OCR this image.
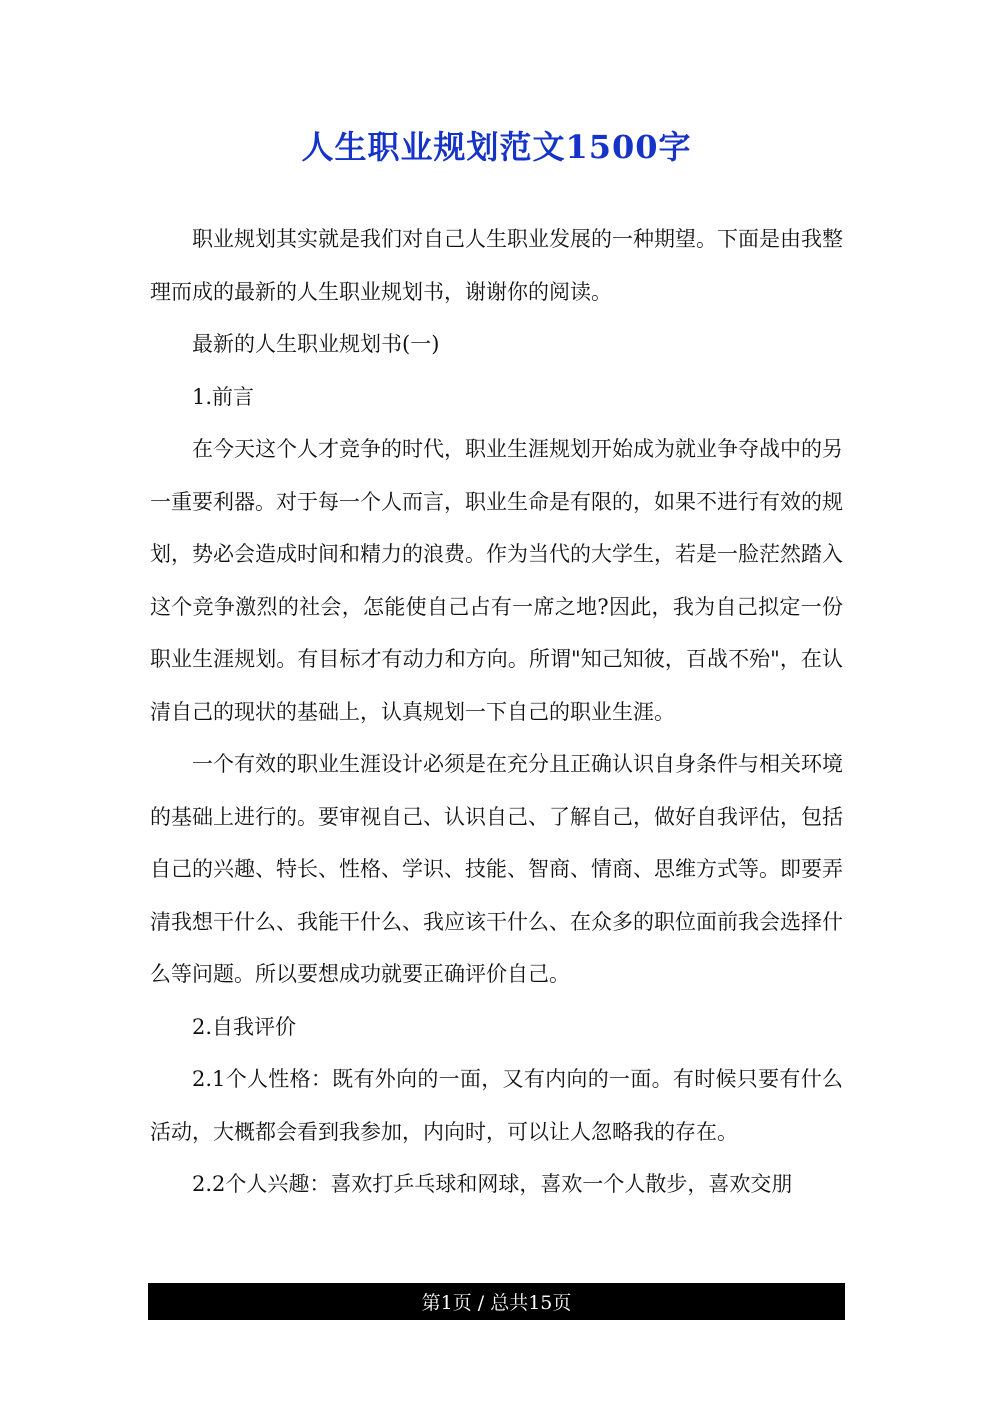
人生职业规划范文1500字

职业规划其实就是我们对自己人生职业发展的一种期望。下面是由我整理而成的最新的人生职业规划书，谢谢你的阅读。

最新的人生职业规划书(一)

1.前言

在今天这个人才竞争的时代，职业生涯规划开始成为就业争夺战中的另一重要利器。对于每一个人而言，职业生命是有限的，如果不进行有效的规划，势必会造成时间和精力的浪费。作为当代的大学生，若是一脸茫然踏入这个竞争激烈的社会，怎能使自己占有一席之地?因此，我为自己拟定一份职业生涯规划。有目标才有动力和方向。所谓"知己知彼，百战不殆"，在认清自己的现状的基础上，认真规划一下自己的职业生涯。

一个有效的职业生涯设计必须是在充分且正确认识自身条件与相关环境的基础上进行的。要审视自己、认识自己、了解自己，做好自我评估，包括自己的兴趣、特长、性格、学识、技能、智商、情商、思维方式等。即要弄清我想干什么、我能干什么、我应该干什么、在众多的职位面前我会选择什么等问题。所以要想成功就要正确评价自己。

2.自我评价

2.1个人性格：既有外向的一面，又有内向的一面。有时候只要有什么活动，大概都会看到我参加，内向时，可以让人忽略我的存在。

2.2个人兴趣：喜欢打乒乓球和网球，喜欢一个人散步，喜欢交朋

第1页 / 总共15页
